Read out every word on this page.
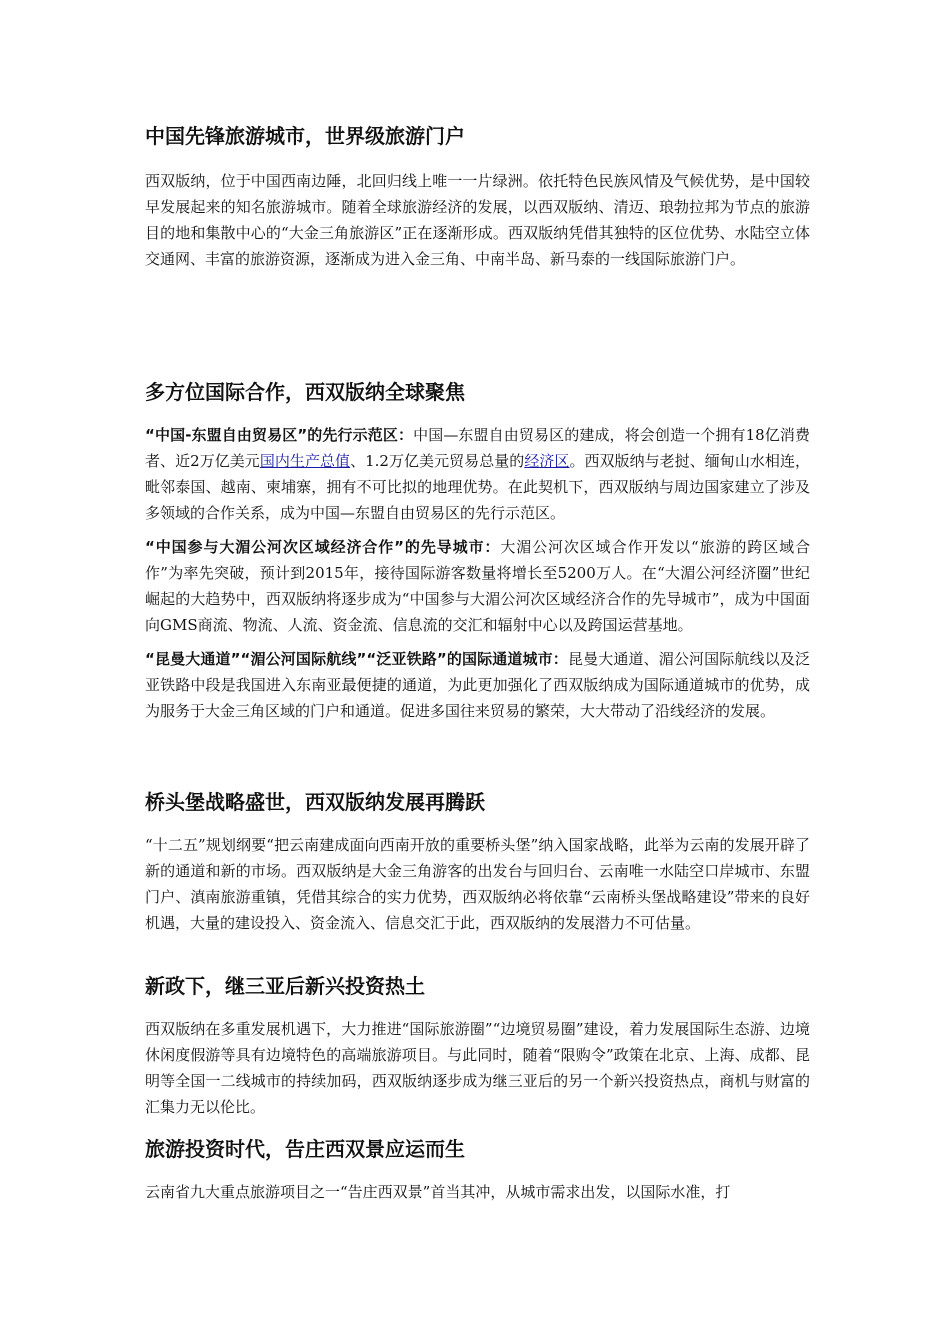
中国先锋旅游城市，世界级旅游门户

西双版纳，位于中国西南边陲，北回归线上唯一一片绿洲。依托特色民族风情及气候优势，是中国较早发展起来的知名旅游城市。随着全球旅游经济的发展，以西双版纳、清迈、琅勃拉邦为节点的旅游目的地和集散中心的“大金三角旅游区”正在逐渐形成。西双版纳凭借其独特的区位优势、水陆空立体交通网、丰富的旅游资源，逐渐成为进入金三角、中南半岛、新马泰的一线国际旅游门户。

多方位国际合作，西双版纳全球聚焦

“中国-东盟自由贸易区”的先行示范区：中国—东盟自由贸易区的建成，将会创造一个拥有18亿消费者、近2万亿美元国内生产总值、1.2万亿美元贸易总量的经济区。西双版纳与老挝、缅甸山水相连，毗邻泰国、越南、柬埔寨，拥有不可比拟的地理优势。在此契机下，西双版纳与周边国家建立了涉及多领域的合作关系，成为中国—东盟自由贸易区的先行示范区。

“中国参与大湄公河次区域经济合作”的先导城市：大湄公河次区域合作开发以“旅游的跨区域合作”为率先突破，预计到2015年，接待国际游客数量将增长至5200万人。在“大湄公河经济圈”世纪崛起的大趋势中，西双版纳将逐步成为“中国参与大湄公河次区域经济合作的先导城市”，成为中国面向GMS商流、物流、人流、资金流、信息流的交汇和辐射中心以及跨国运营基地。

“昆曼大通道”“湄公河国际航线”“泛亚铁路”的国际通道城市：昆曼大通道、湄公河国际航线以及泛亚铁路中段是我国进入东南亚最便捷的通道，为此更加强化了西双版纳成为国际通道城市的优势，成为服务于大金三角区域的门户和通道。促进多国往来贸易的繁荣，大大带动了沿线经济的发展。

桥头堡战略盛世，西双版纳发展再腾跃

“十二五”规划纲要“把云南建成面向西南开放的重要桥头堡”纳入国家战略，此举为云南的发展开辟了新的通道和新的市场。西双版纳是大金三角游客的出发台与回归台、云南唯一水陆空口岸城市、东盟门户、滇南旅游重镇，凭借其综合的实力优势，西双版纳必将依靠“云南桥头堡战略建设”带来的良好机遇，大量的建设投入、资金流入、信息交汇于此，西双版纳的发展潜力不可估量。

新政下，继三亚后新兴投资热土

西双版纳在多重发展机遇下，大力推进“国际旅游圈”“边境贸易圈”建设，着力发展国际生态游、边境休闲度假游等具有边境特色的高端旅游项目。与此同时，随着“限购令”政策在北京、上海、成都、昆明等全国一二线城市的持续加码，西双版纳逐步成为继三亚后的另一个新兴投资热点，商机与财富的汇集力无以伦比。

旅游投资时代，告庄西双景应运而生

云南省九大重点旅游项目之一“告庄西双景”首当其冲，从城市需求出发，以国际水准，打
